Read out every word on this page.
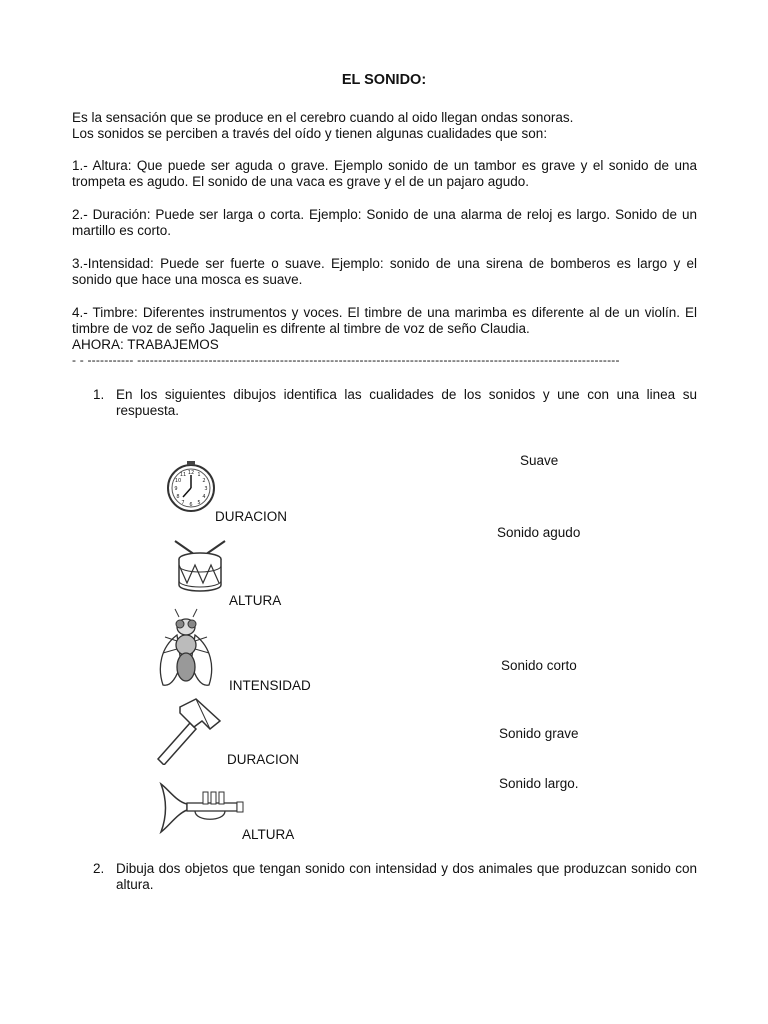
EL SONIDO:
Es la sensación que se produce en el cerebro cuando al oido llegan ondas sonoras.
Los sonidos se perciben a través del oído y tienen algunas cualidades que son:
1.- Altura: Que puede ser aguda o grave. Ejemplo sonido de un tambor es grave y el sonido de una trompeta es agudo. El sonido de una vaca es grave y el de un pajaro agudo.
2.- Duración: Puede ser larga o corta. Ejemplo: Sonido de una alarma de reloj es largo. Sonido de un martillo es corto.
3.-Intensidad: Puede ser fuerte o suave. Ejemplo: sonido de una sirena de bomberos es largo y el sonido que hace una mosca es suave.
4.- Timbre: Diferentes instrumentos y voces. El timbre de una marimba es diferente al de un violín. El timbre de voz de seño Jaquelin es difrente al timbre de voz de seño Claudia.
AHORA: TRABAJEMOS
- - ----------- -------------------------------------------------------------------------------------------------------------------
1. En los siguientes dibujos identifica las cualidades de los sonidos y une con una linea su respuesta.
12 1
2
3
4
5
6
7
8
9
10
11
DURACION
Suave
ALTURA
Sonido agudo
INTENSIDAD
Sonido corto
DURACION
Sonido grave
Sonido largo.
ALTURA
2. Dibuja dos objetos que tengan sonido con intensidad y dos animales que produzcan sonido con altura.
